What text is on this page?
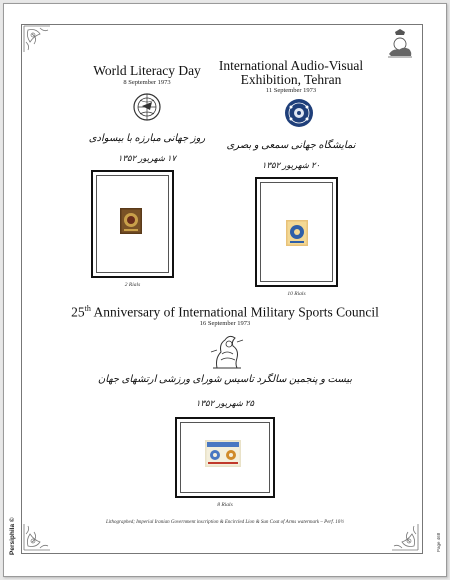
World Literacy Day
8 September 1973
روز جهانی مبارزه با بیسوادی
۱۷ شهریور ۱۳۵۲
2 Rials
International Audio-Visual Exhibition, Tehran
11 September 1973
نمایشگاه جهانی سمعی و بصری
۲۰ شهریور ۱۳۵۲
10 Rials
25th Anniversary of International Military Sports Council
16 September 1973
بیست و پنجمین سالگرد تاسیس شورای ورزشی ارتشهای جهان
۲۵ شهریور ۱۳۵۲
8 Rials
Lithographed; Imperial Iranian Government inscription & Encircled Lion & Sun Coat of Arms watermark – Perf. 10½
Persiphila ©	Page 468
